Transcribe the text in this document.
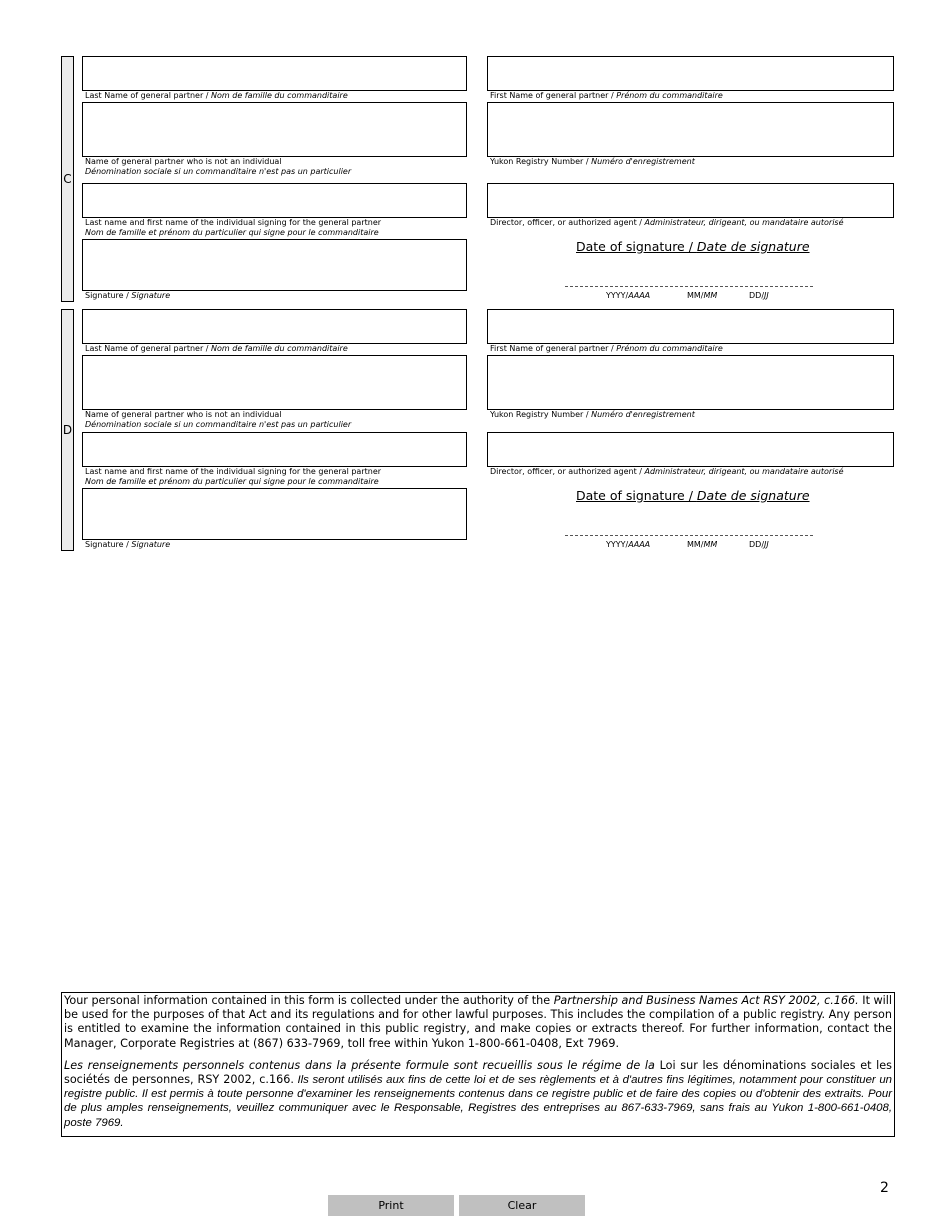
C
Last Name of general partner / Nom de famille du commanditaire	First Name of general partner / Prénom du commanditaire
Name of general partner who is not an individual
Dénomination sociale si un commanditaire n'est pas un particulier
Yukon Registry Number / Numéro d'enregistrement
Last name and first name of the individual signing for the general partner
Nom de famille et prénom du particulier qui signe pour le commanditaire
Director, officer, or authorized agent / Administrateur, dirigeant, ou mandataire autorisé
Signature / Signature
Date of signature / Date de signature
YYYY/AAAA	MM/MM	DD/JJ
D
Last Name of general partner / Nom de famille du commanditaire	First Name of general partner / Prénom du commanditaire
Name of general partner who is not an individual
Dénomination sociale si un commanditaire n'est pas un particulier
Yukon Registry Number / Numéro d'enregistrement
Last name and first name of the individual signing for the general partner
Nom de famille et prénom du particulier qui signe pour le commanditaire
Director, officer, or authorized agent / Administrateur, dirigeant, ou mandataire autorisé
Signature / Signature
Date of signature / Date de signature
YYYY/AAAA	MM/MM	DD/JJ

Your personal information contained in this form is collected under the authority of the Partnership and Business Names Act RSY 2002, c.166. It will be used for the purposes of that Act and its regulations and for other lawful purposes. This includes the compilation of a public registry. Any person is entitled to examine the information contained in this public registry, and make copies or extracts thereof. For further information, contact the Manager, Corporate Registries at (867) 633-7969, toll free within Yukon 1-800-661-0408, Ext 7969.

Les renseignements personnels contenus dans la présente formule sont recueillis sous le régime de la Loi sur les dénominations sociales et les sociétés de personnes, RSY 2002, c.166. Ils seront utilisés aux fins de cette loi et de ses règlements et à d'autres fins légitimes, notamment pour constituer un registre public. Il est permis à toute personne d'examiner les renseignements contenus dans ce registre public et de faire des copies ou d'obtenir des extraits. Pour de plus amples renseignements, veuillez communiquer avec le Responsable, Registres des entreprises au 867-633-7969, sans frais au Yukon 1-800-661-0408, poste 7969.

2
Print	Clear
